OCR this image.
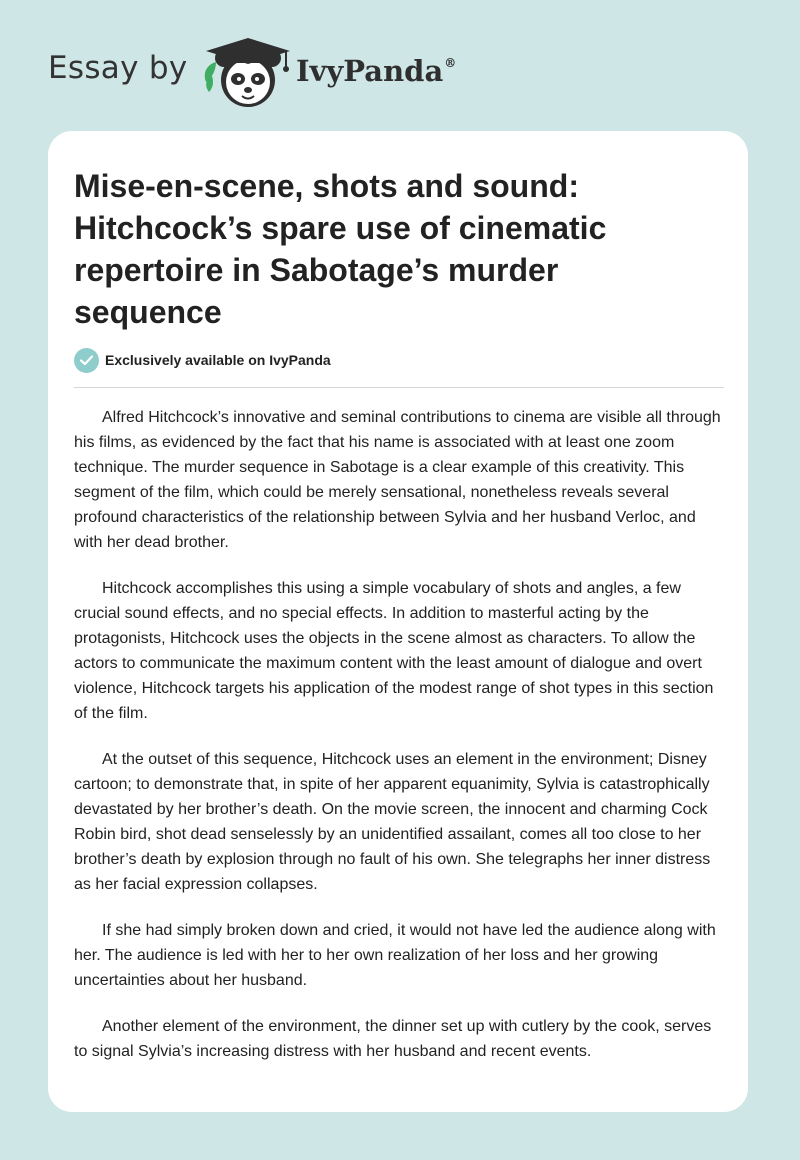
Essay by	IvyPanda®
Mise-en-scene, shots and sound: Hitchcock’s spare use of cinematic repertoire in Sabotage’s murder sequence
Exclusively available on IvyPanda

Alfred Hitchcock’s innovative and seminal contributions to cinema are visible all through his films, as evidenced by the fact that his name is associated with at least one zoom technique. The murder sequence in Sabotage is a clear example of this creativity. This segment of the film, which could be merely sensational, nonetheless reveals several profound characteristics of the relationship between Sylvia and her husband Verloc, and with her dead brother.

Hitchcock accomplishes this using a simple vocabulary of shots and angles, a few crucial sound effects, and no special effects. In addition to masterful acting by the protagonists, Hitchcock uses the objects in the scene almost as characters. To allow the actors to communicate the maximum content with the least amount of dialogue and overt violence, Hitchcock targets his application of the modest range of shot types in this section of the film.

At the outset of this sequence, Hitchcock uses an element in the environment; Disney cartoon; to demonstrate that, in spite of her apparent equanimity, Sylvia is catastrophically devastated by her brother’s death. On the movie screen, the innocent and charming Cock Robin bird, shot dead senselessly by an unidentified assailant, comes all too close to her brother’s death by explosion through no fault of his own. She telegraphs her inner distress as her facial expression collapses.

If she had simply broken down and cried, it would not have led the audience along with her. The audience is led with her to her own realization of her loss and her growing uncertainties about her husband.

Another element of the environment, the dinner set up with cutlery by the cook, serves to signal Sylvia’s increasing distress with her husband and recent events.
